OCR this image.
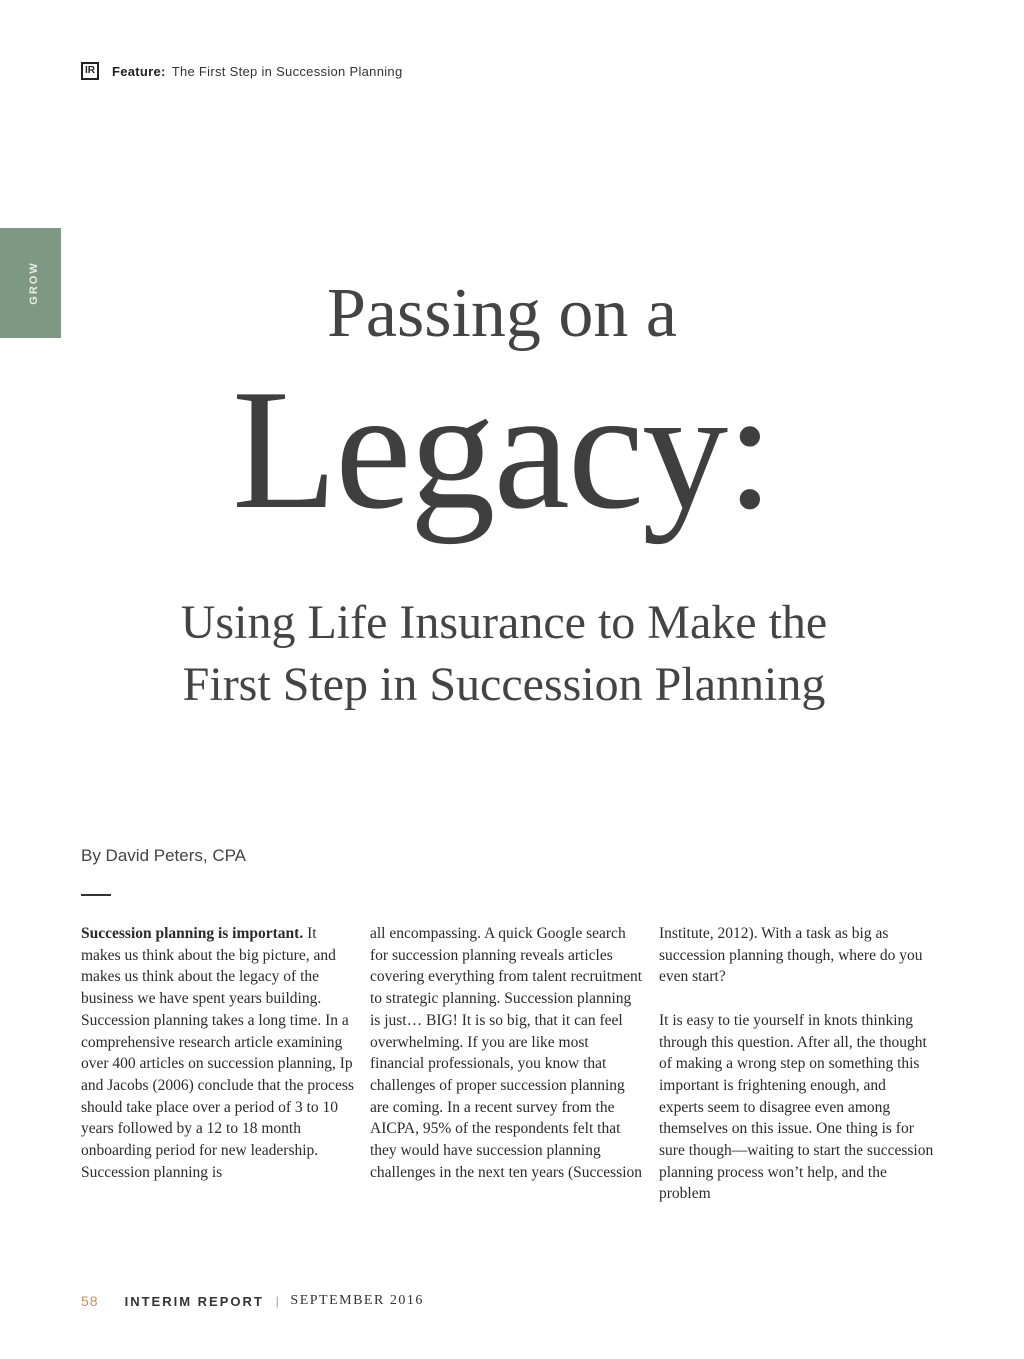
IR	Feature: The First Step in Succession Planning
GROW	Passing on a
Legacy:
Using Life Insurance to Make the
First Step in Succession Planning
By David Peters, CPA

Succession planning is important. It makes us think about the big picture, and makes us think about the legacy of the business we have spent years building. Succession planning takes a long time. In a comprehensive research article examining over 400 articles on succession planning, Ip and Jacobs (2006) conclude that the process should take place over a period of 3 to 10 years followed by a 12 to 18 month onboarding period for new leadership. Succession planning is

all encompassing. A quick Google search for succession planning reveals articles covering everything from talent recruitment to strategic planning. Succession planning is just… BIG! It is so big, that it can feel overwhelming. If you are like most financial professionals, you know that challenges of proper succession planning are coming. In a recent survey from the AICPA, 95% of the respondents felt that they would have succession planning challenges in the next ten years (Succession

Institute, 2012). With a task as big as succession planning though, where do you even start?

It is easy to tie yourself in knots thinking through this question. After all, the thought of making a wrong step on something this important is frightening enough, and experts seem to disagree even among themselves on this issue. One thing is for sure though—waiting to start the succession planning process won’t help, and the problem

58 INTERIM REPORT | SEPTEMBER 2016
